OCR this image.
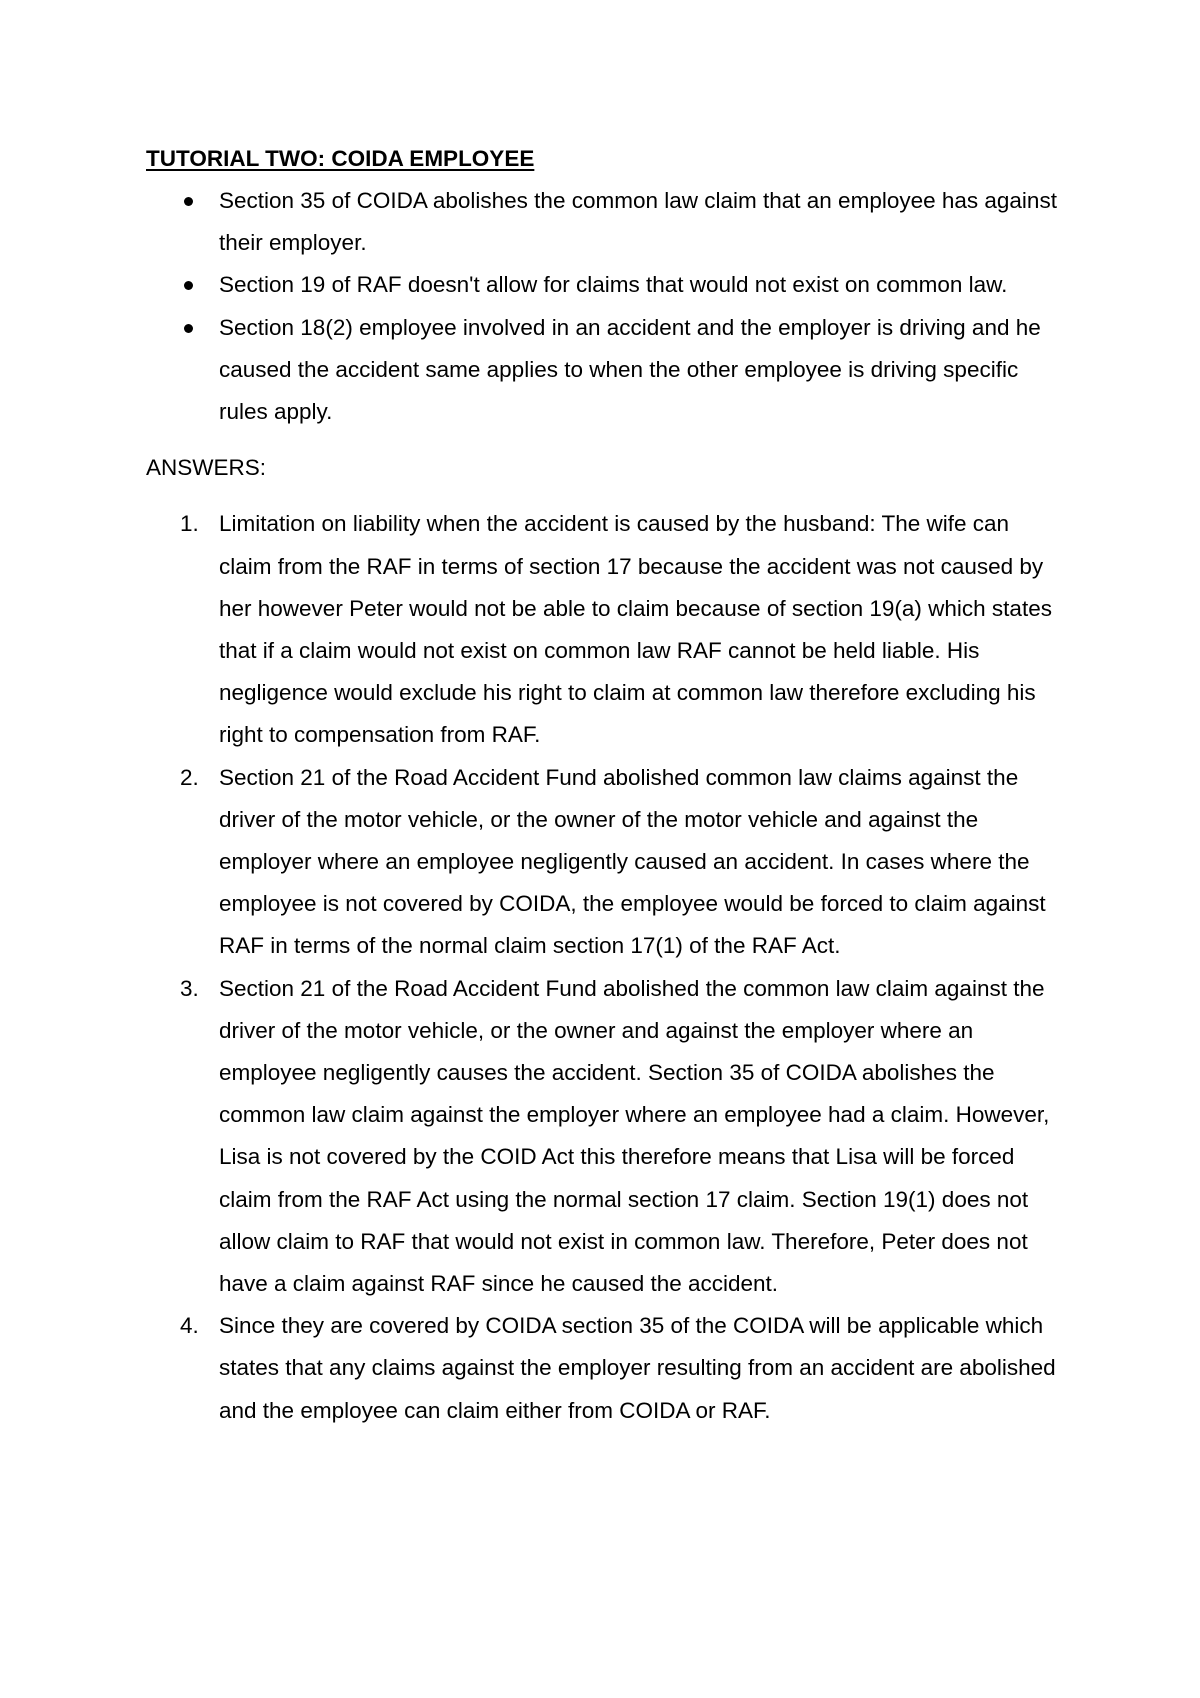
TUTORIAL TWO: COIDA EMPLOYEE
Section 35 of COIDA abolishes the common law claim that an employee has against their employer.
Section 19 of RAF doesn't allow for claims that would not exist on common law.
Section 18(2) employee involved in an accident and the employer is driving and he caused the accident same applies to when the other employee is driving specific rules apply.
ANSWERS:
1. Limitation on liability when the accident is caused by the husband: The wife can claim from the RAF in terms of section 17 because the accident was not caused by her however Peter would not be able to claim because of section 19(a) which states that if a claim would not exist on common law RAF cannot be held liable. His negligence would exclude his right to claim at common law therefore excluding his right to compensation from RAF.
2. Section 21 of the Road Accident Fund abolished common law claims against the driver of the motor vehicle, or the owner of the motor vehicle and against the employer where an employee negligently caused an accident. In cases where the employee is not covered by COIDA, the employee would be forced to claim against RAF in terms of the normal claim section 17(1) of the RAF Act.
3. Section 21 of the Road Accident Fund abolished the common law claim against the driver of the motor vehicle, or the owner and against the employer where an employee negligently causes the accident. Section 35 of COIDA abolishes the common law claim against the employer where an employee had a claim. However, Lisa is not covered by the COID Act this therefore means that Lisa will be forced claim from the RAF Act using the normal section 17 claim. Section 19(1) does not allow claim to RAF that would not exist in common law. Therefore, Peter does not have a claim against RAF since he caused the accident.
4. Since they are covered by COIDA section 35 of the COIDA will be applicable which states that any claims against the employer resulting from an accident are abolished and the employee can claim either from COIDA or RAF.
